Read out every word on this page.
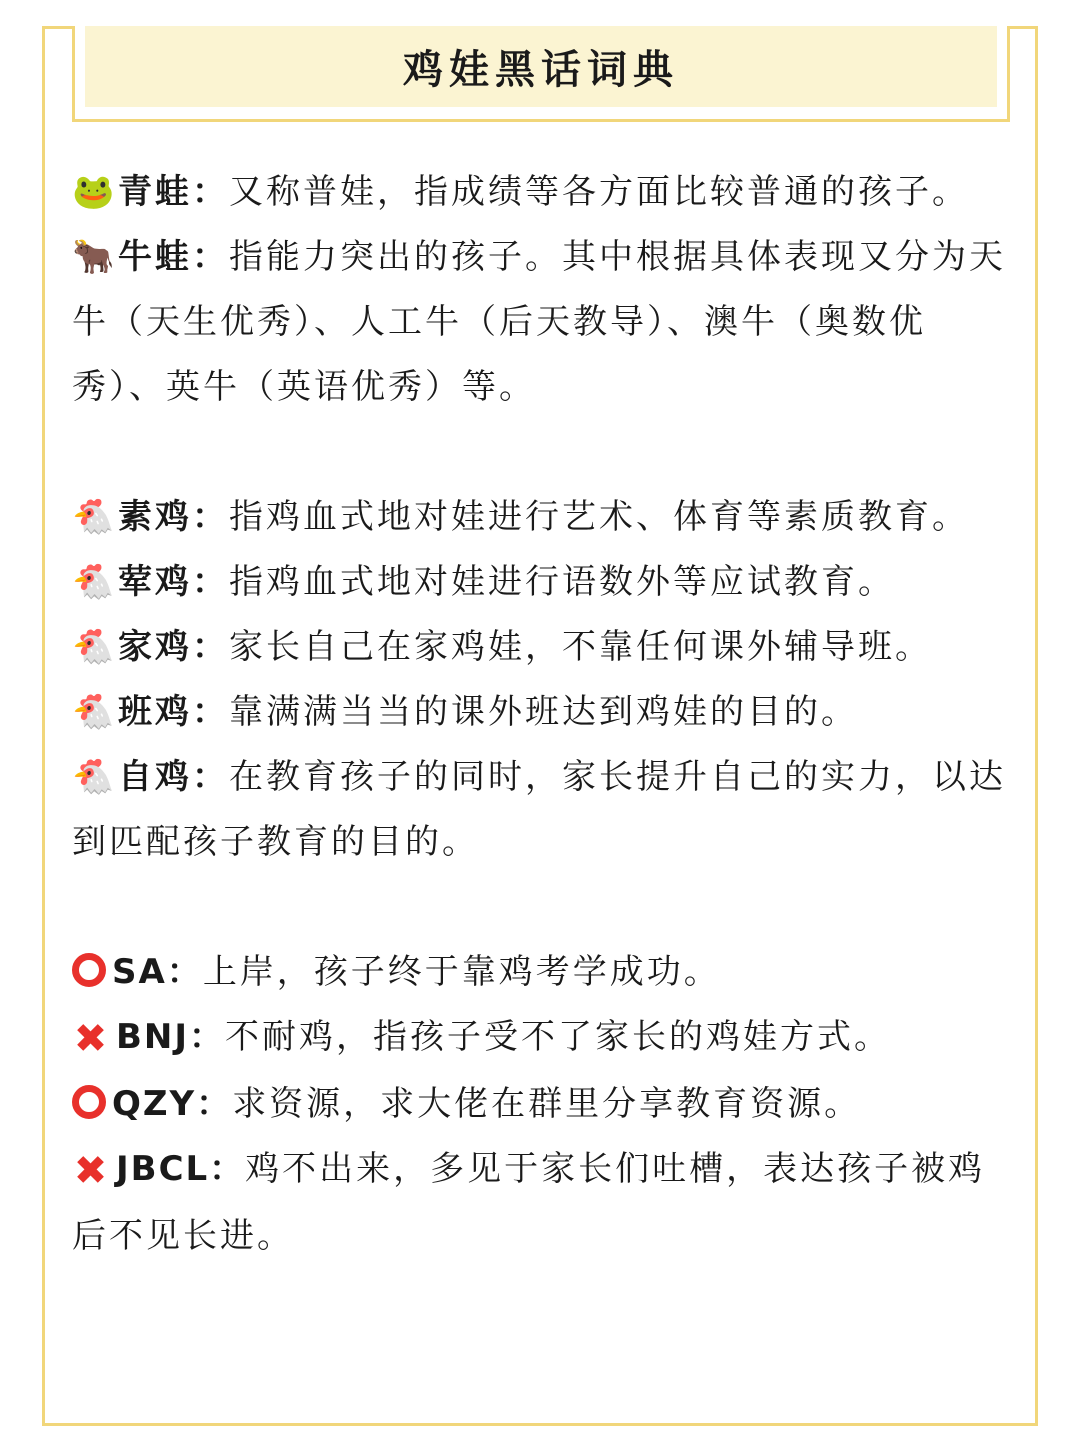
鸡娃黑话词典

🐸青蛙：又称普娃，指成绩等各方面比较普通的孩子。

🐂牛蛙：指能力突出的孩子。其中根据具体表现又分为天牛（天生优秀）、人工牛（后天教导）、澳牛（奥数优秀）、英牛（英语优秀）等。

🐔素鸡：指鸡血式地对娃进行艺术、体育等素质教育。

🐔荤鸡：指鸡血式地对娃进行语数外等应试教育。

🐔家鸡：家长自己在家鸡娃，不靠任何课外辅导班。

🐔班鸡：靠满满当当的课外班达到鸡娃的目的。

🐔自鸡：在教育孩子的同时，家长提升自己的实力，以达到匹配孩子教育的目的。

SA：上岸，孩子终于靠鸡考学成功。

✖ BNJ：不耐鸡，指孩子受不了家长的鸡娃方式。

QZY：求资源，求大佬在群里分享教育资源。

✖ JBCL：鸡不出来，多见于家长们吐槽，表达孩子被鸡后不见长进。
